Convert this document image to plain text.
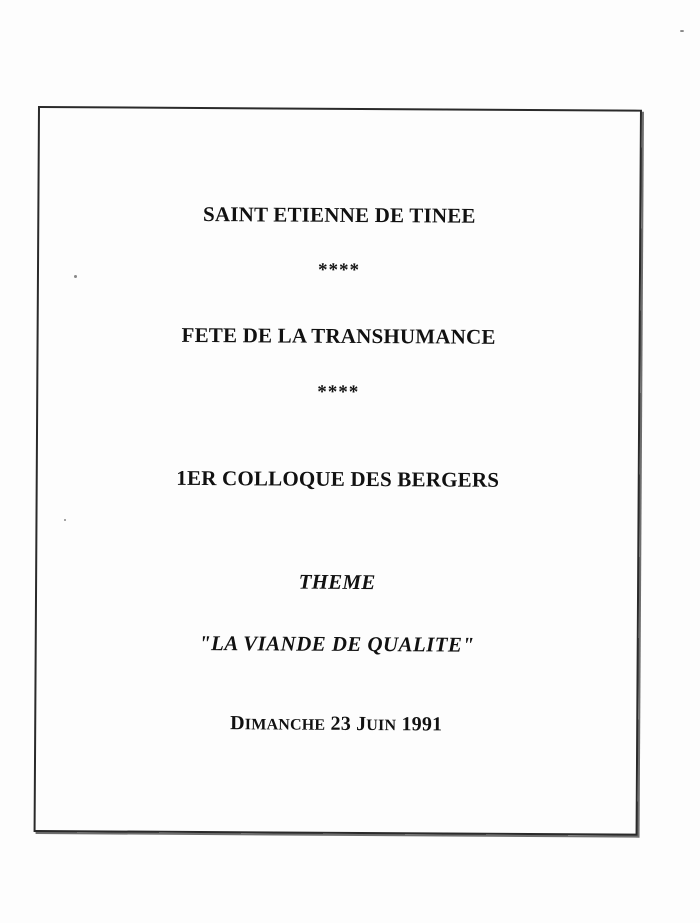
SAINT ETIENNE DE TINEE
****
FETE DE LA TRANSHUMANCE
****
1ER COLLOQUE DES BERGERS
THEME
"LA VIANDE DE QUALITE"
DIMANCHE 23 JUIN 1991
